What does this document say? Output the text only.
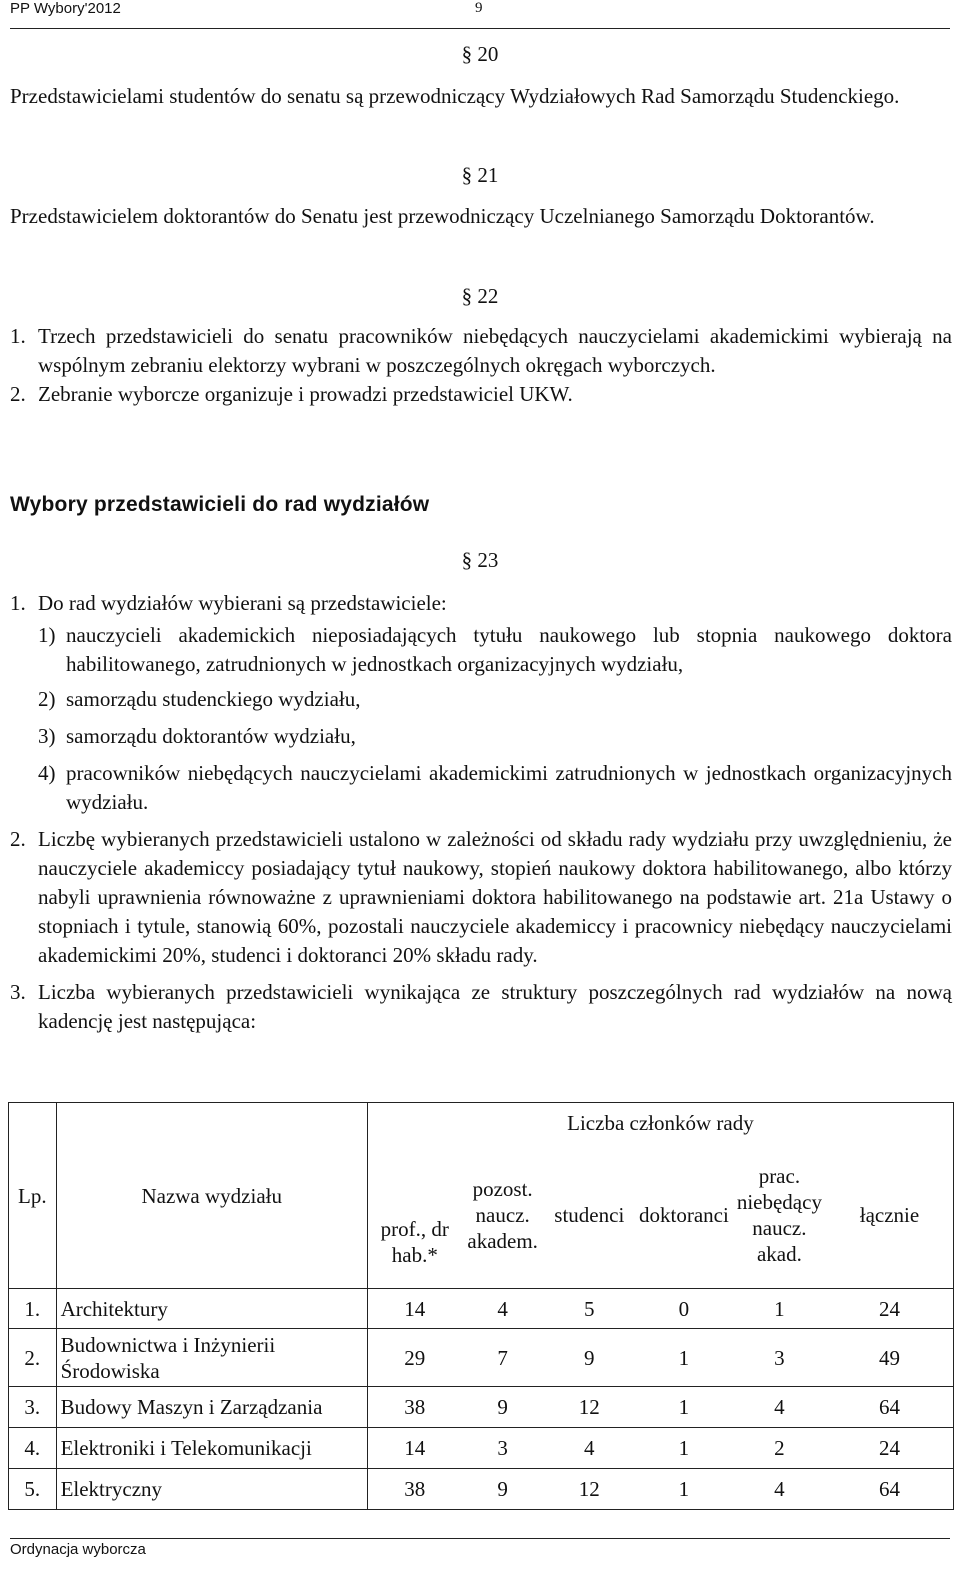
PP Wybory'2012	9
§ 20
Przedstawicielami studentów do senatu są przewodniczący Wydziałowych Rad Samorządu Studenckiego.
§ 21
Przedstawicielem doktorantów do Senatu jest przewodniczący Uczelnianego Samorządu Doktorantów.
§ 22
1. Trzech przedstawicieli do senatu pracowników niebędących nauczycielami akademickimi wybierają na wspólnym zebraniu elektorzy wybrani w poszczególnych okręgach wyborczych.
2. Zebranie wyborcze organizuje i prowadzi przedstawiciel UKW.
Wybory przedstawicieli do rad wydziałów
§ 23
1. Do rad wydziałów wybierani są przedstawiciele:
1) nauczycieli akademickich nieposiadających tytułu naukowego lub stopnia naukowego doktora habilitowanego, zatrudnionych w jednostkach organizacyjnych wydziału,
2) samorządu studenckiego wydziału,
3) samorządu doktorantów wydziału,
4) pracowników niebędących nauczycielami akademickimi zatrudnionych w jednostkach organizacyjnych wydziału.
2. Liczbę wybieranych przedstawicieli ustalono w zależności od składu rady wydziału przy uwzględnieniu, że nauczyciele akademiccy posiadający tytuł naukowy, stopień naukowy doktora habilitowanego, albo którzy nabyli uprawnienia równoważne z uprawnieniami doktora habilitowanego na podstawie art. 21a Ustawy o stopniach i tytule, stanowią 60%, pozostali nauczyciele akademiccy i pracownicy niebędący nauczycielami akademickimi 20%, studenci i doktoranci 20% składu rady.
3. Liczba wybieranych przedstawicieli wynikająca ze struktury poszczególnych rad wydziałów na nową kadencję jest następująca:
Lp.	Nazwa wydziału	Liczba członków rady					
		prof., dr hab.*	pozost. naucz. akadem.	studenci	doktoranci	prac. niebędący naucz. akad.	łącznie
1.	Architektury	14	4	5	0	1	24
2.	Budownictwa i Inżynierii Środowiska	29	7	9	1	3	49
3.	Budowy Maszyn i Zarządzania	38	9	12	1	4	64
4.	Elektroniki i Telekomunikacji	14	3	4	1	2	24
5.	Elektryczny	38	9	12	1	4	64
Ordynacja wyborcza
